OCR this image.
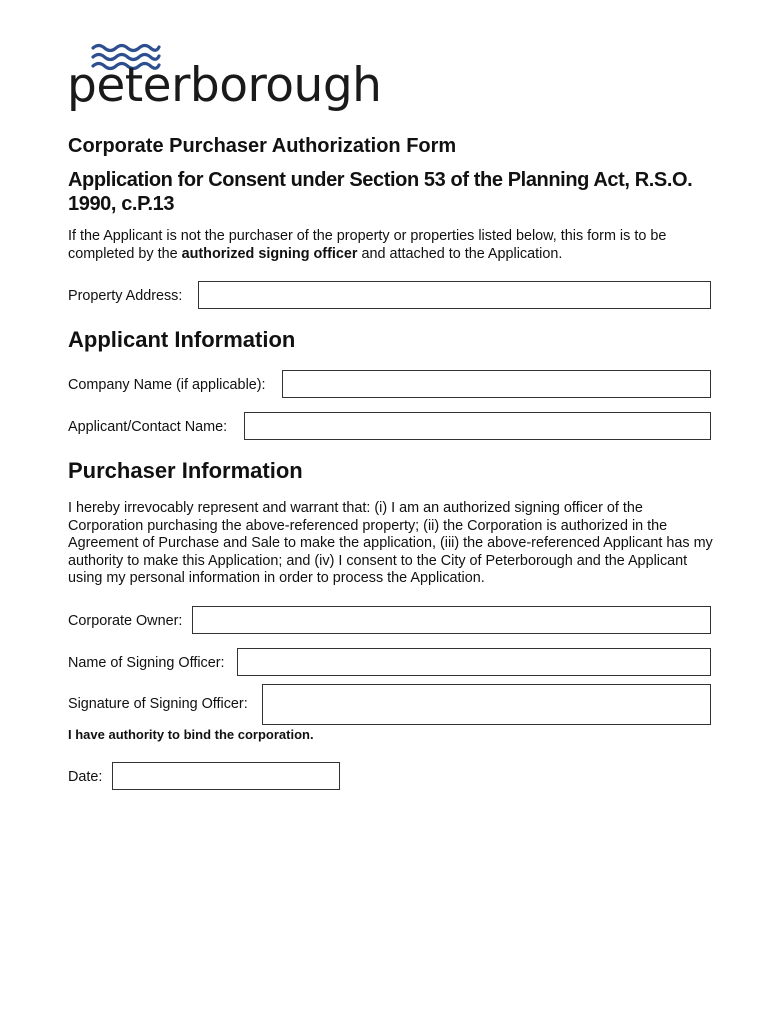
peterborough
Corporate Purchaser Authorization Form
Application for Consent under Section 53 of the Planning Act, R.S.O. 1990, c.P.13

If the Applicant is not the purchaser of the property or properties listed below, this form is to be completed by the authorized signing officer and attached to the Application.

Property Address:
Applicant Information
Company Name (if applicable):
Applicant/Contact Name:
Purchaser Information

I hereby irrevocably represent and warrant that: (i) I am an authorized signing officer of the Corporation purchasing the above-referenced property; (ii) the Corporation is authorized in the Agreement of Purchase and Sale to make the application, (iii) the above-referenced Applicant has my authority to make this Application; and (iv) I consent to the City of Peterborough and the Applicant using my personal information in order to process the Application.

Corporate Owner:
Name of Signing Officer:
Signature of Signing Officer:
I have authority to bind the corporation.
Date:
